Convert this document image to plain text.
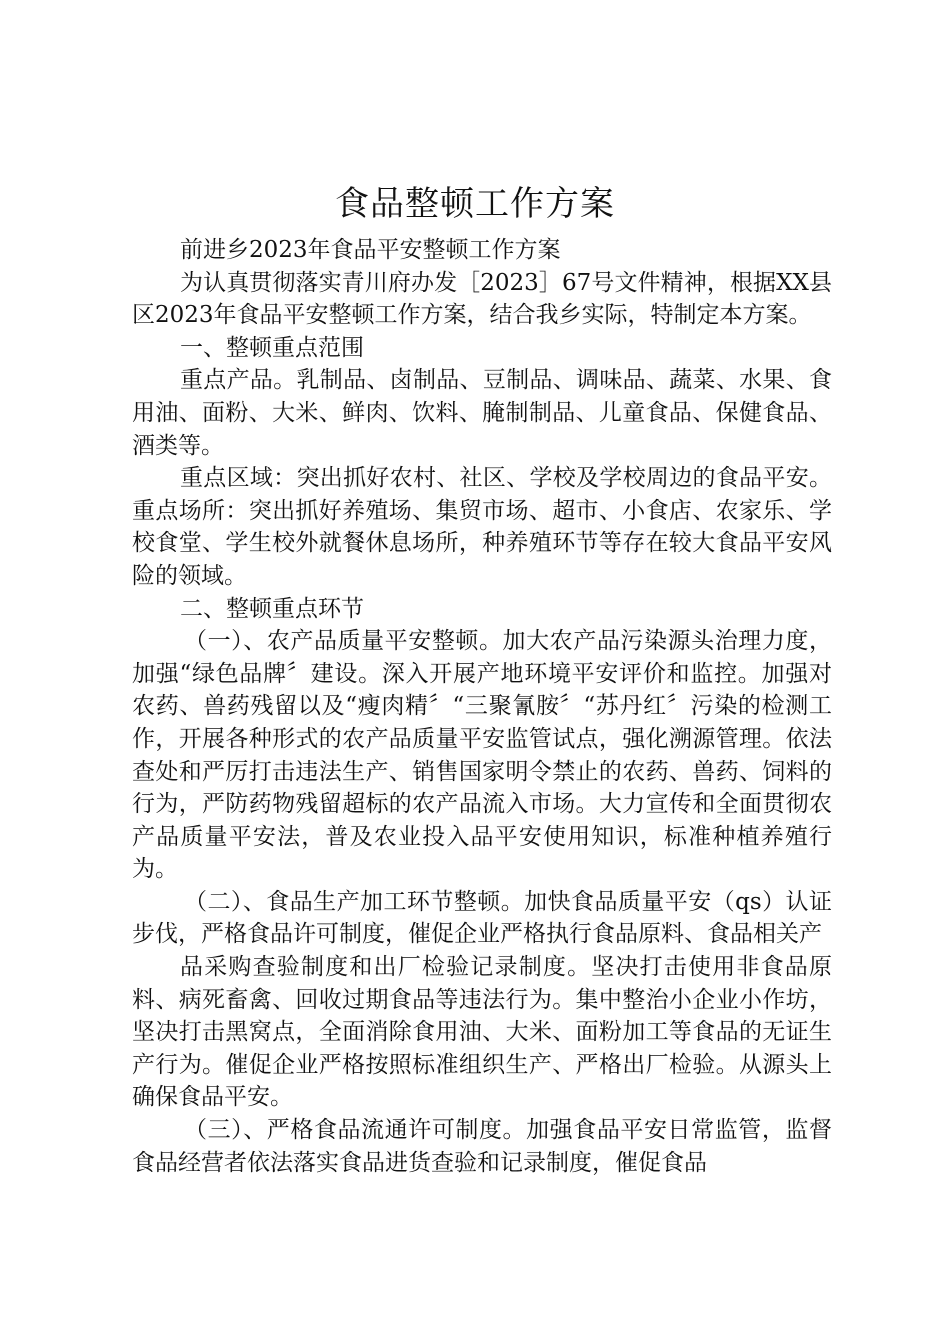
食品整顿工作方案

前进乡2023年食品平安整顿工作方案

为认真贯彻落实青川府办发［2023］67号文件精神，根据XX县区2023年食品平安整顿工作方案，结合我乡实际，特制定本方案。

一、整顿重点范围

重点产品。乳制品、卤制品、豆制品、调味品、蔬菜、水果、食用油、面粉、大米、鲜肉、饮料、腌制制品、儿童食品、保健食品、酒类等。

重点区域：突出抓好农村、社区、学校及学校周边的食品平安。重点场所：突出抓好养殖场、集贸市场、超市、小食店、农家乐、学校食堂、学生校外就餐休息场所，种养殖环节等存在较大食品平安风险的领域。

二、整顿重点环节

（一）、农产品质量平安整顿。加大农产品污染源头治理力度，加强“绿色品牌〞建设。深入开展产地环境平安评价和监控。加强对农药、兽药残留以及“瘦肉精〞“三聚氰胺〞“苏丹红〞污染的检测工作，开展各种形式的农产品质量平安监管试点，强化溯源管理。依法查处和严厉打击违法生产、销售国家明令禁止的农药、兽药、饲料的行为，严防药物残留超标的农产品流入市场。大力宣传和全面贯彻农产品质量平安法，普及农业投入品平安使用知识，标准种植养殖行为。

（二）、食品生产加工环节整顿。加快食品质量平安（qs）认证步伐，严格食品许可制度，催促企业严格执行食品原料、食品相关产

品采购查验制度和出厂检验记录制度。坚决打击使用非食品原料、病死畜禽、回收过期食品等违法行为。集中整治小企业小作坊，坚决打击黑窝点，全面消除食用油、大米、面粉加工等食品的无证生产行为。催促企业严格按照标准组织生产、严格出厂检验。从源头上确保食品平安。

（三）、严格食品流通许可制度。加强食品平安日常监管，监督食品经营者依法落实食品进货查验和记录制度，催促食品
